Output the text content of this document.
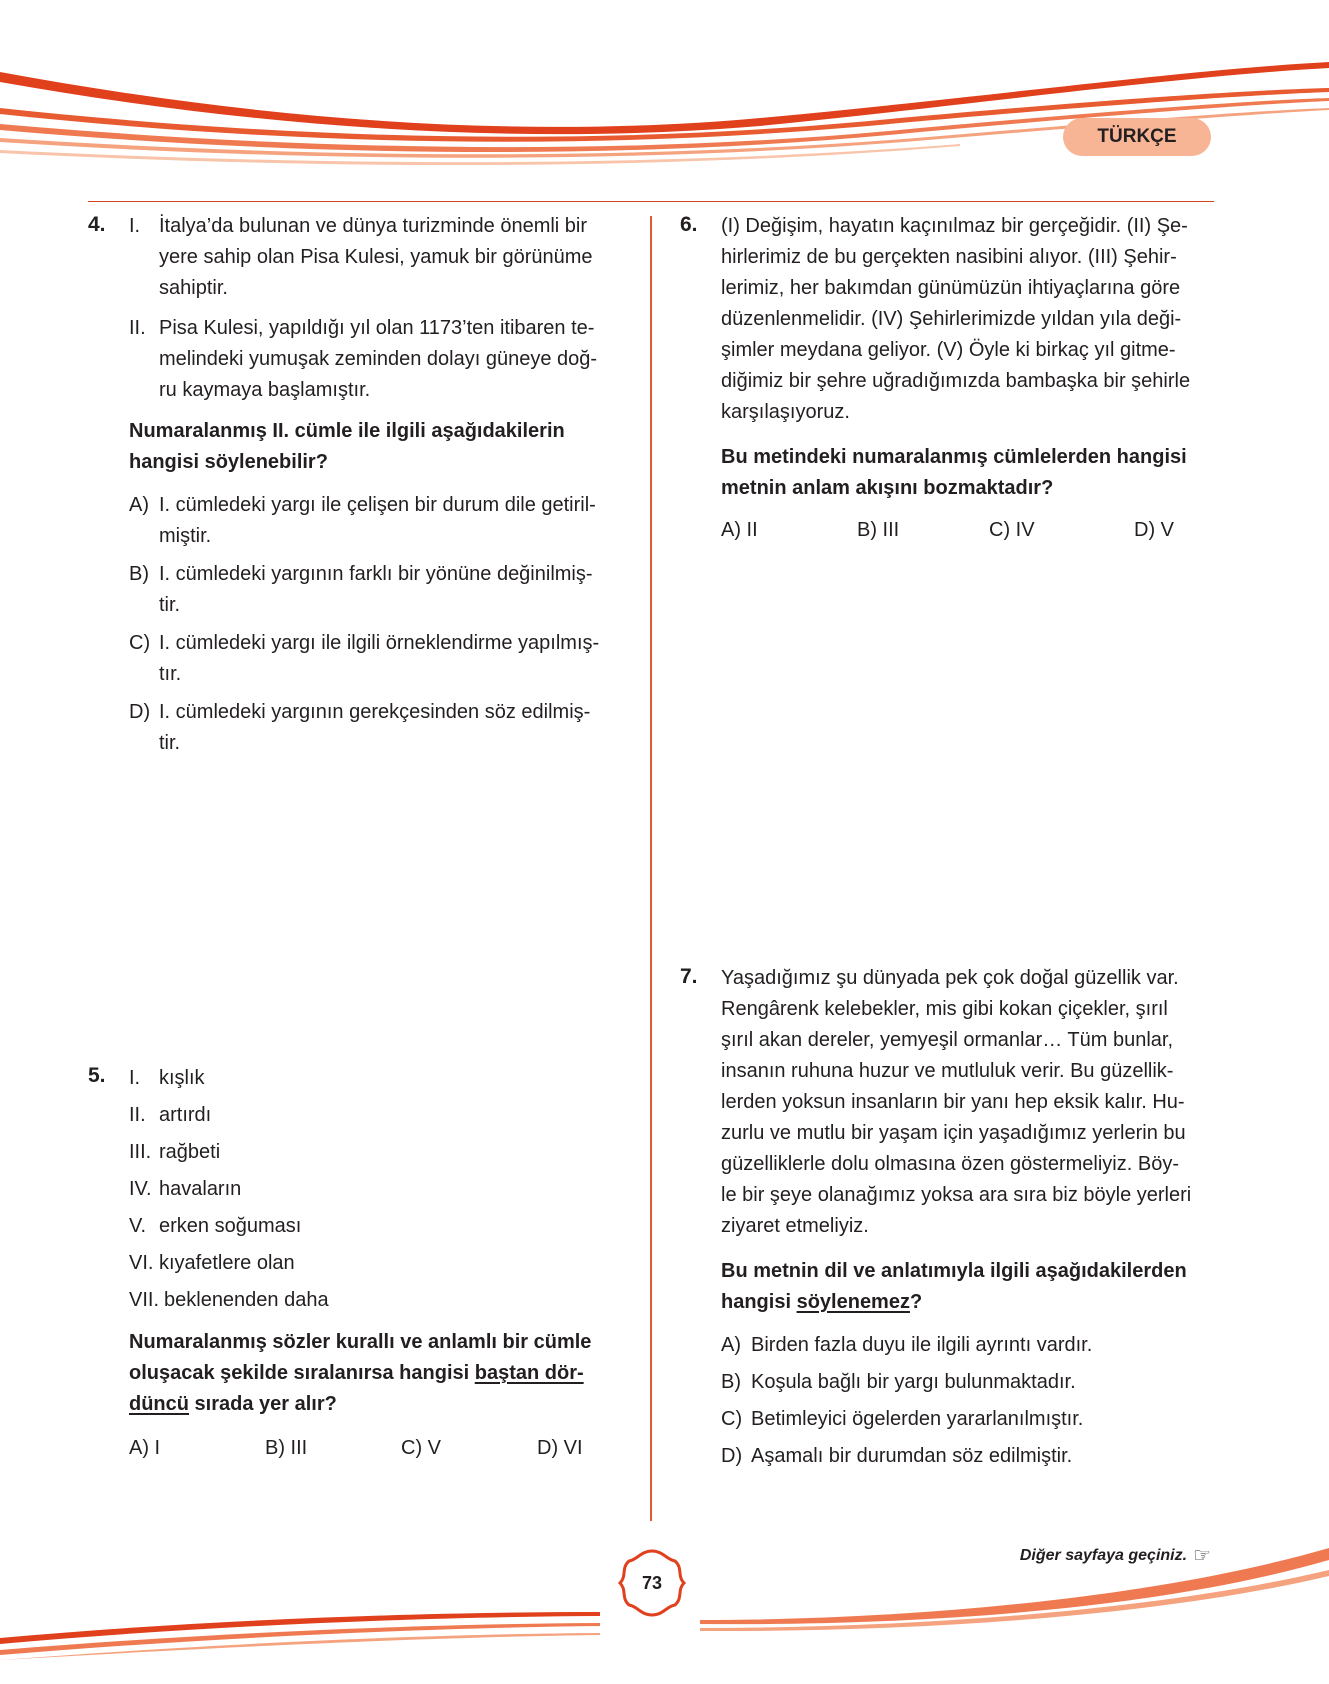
TÜRKÇE
4. I. İtalya’da bulunan ve dünya turizminde önemli bir
yere sahip olan Pisa Kulesi, yamuk bir görünüme
sahiptir.
II. Pisa Kulesi, yapıldığı yıl olan 1173’ten itibaren te-
melindeki yumuşak zeminden dolayı güneye doğ-
ru kaymaya başlamıştır.
Numaralanmış II. cümle ile ilgili aşağıdakilerin
hangisi söylenebilir?
A) I. cümledeki yargı ile çelişen bir durum dile getiril-
miştir.
B) I. cümledeki yargının farklı bir yönüne değinilmiş-
tir.
C) I. cümledeki yargı ile ilgili örneklendirme yapılmış-
tır.
D) I. cümledeki yargının gerekçesinden söz edilmiş-
tir.
5. I. kışlık
II. artırdı
III. rağbeti
IV. havaların
V. erken soğuması
VI. kıyafetlere olan
VII. beklenenden daha
Numaralanmış sözler kurallı ve anlamlı bir cümle
oluşacak şekilde sıralanırsa hangisi baştan dör-
düncü sırada yer alır?
A) I	B) III	C) V	D) VI
6. (I) Değişim, hayatın kaçınılmaz bir gerçeğidir. (II) Şe-
hirlerimiz de bu gerçekten nasibini alıyor. (III) Şehir-
lerimiz, her bakımdan günümüzün ihtiyaçlarına göre
düzenlenmelidir. (IV) Şehirlerimizde yıldan yıla deği-
şimler meydana geliyor. (V) Öyle ki birkaç yıl gitme-
diğimiz bir şehre uğradığımızda bambaşka bir şehirle
karşılaşıyoruz.
Bu metindeki numaralanmış cümlelerden hangisi
metnin anlam akışını bozmaktadır?
A) II	B) III	C) IV	D) V
7. Yaşadığımız şu dünyada pek çok doğal güzellik var.
Rengârenk kelebekler, mis gibi kokan çiçekler, şırıl
şırıl akan dereler, yemyeşil ormanlar… Tüm bunlar,
insanın ruhuna huzur ve mutluluk verir. Bu güzellik-
lerden yoksun insanların bir yanı hep eksik kalır. Hu-
zurlu ve mutlu bir yaşam için yaşadığımız yerlerin bu
güzelliklerle dolu olmasına özen göstermeliyiz. Böy-
le bir şeye olanağımız yoksa ara sıra biz böyle yerleri
ziyaret etmeliyiz.
Bu metnin dil ve anlatımıyla ilgili aşağıdakilerden
hangisi söylenemez?
A) Birden fazla duyu ile ilgili ayrıntı vardır.
B) Koşula bağlı bir yargı bulunmaktadır.
C) Betimleyici ögelerden yararlanılmıştır.
D) Aşamalı bir durumdan söz edilmiştir.
Diğer sayfaya geçiniz. ☞
73
